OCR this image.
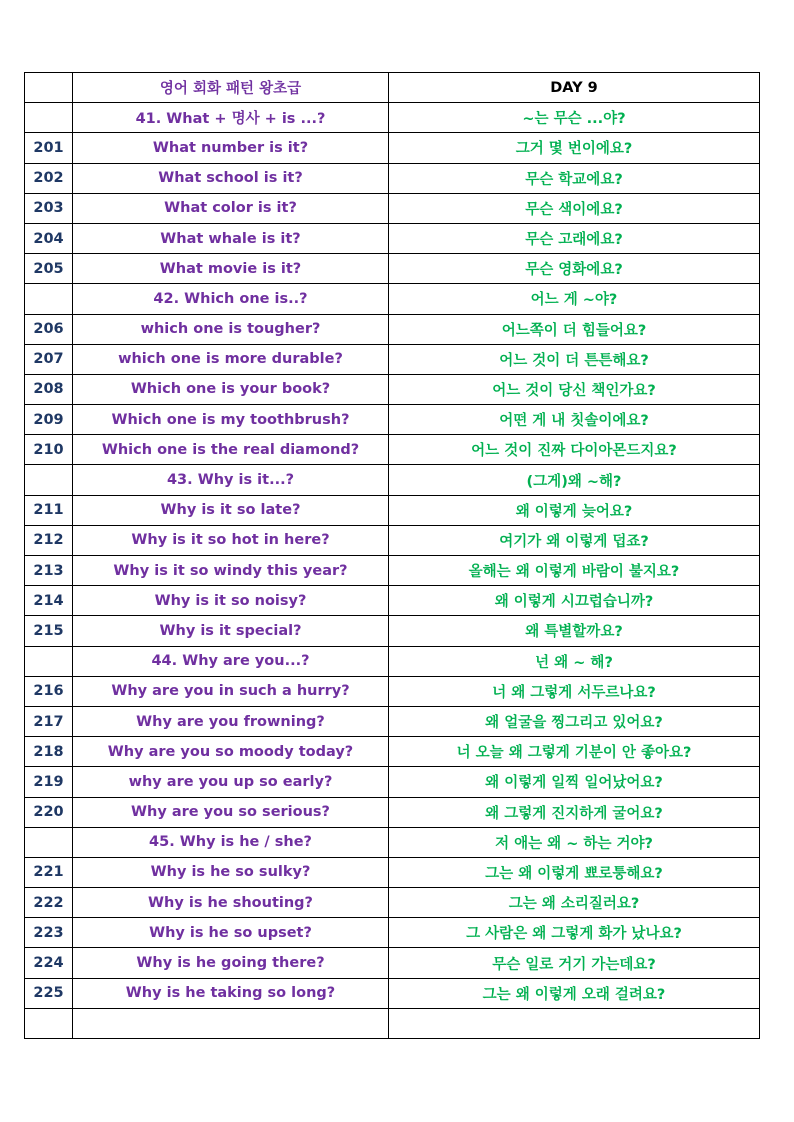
	영어 회화 패턴 왕초급	DAY 9
	41. What + 명사 + is ...?	~는 무슨 ...야?
201	What number is it?	그거 몇 번이에요?
202	What school is it?	무슨 학교에요?
203	What color is it?	무슨 색이에요?
204	What whale is it?	무슨 고래에요?
205	What movie is it?	무슨 영화에요?
	42. Which one is..?	어느 게 ~야?
206	which one is tougher?	어느쪽이 더 힘들어요?
207	which one is more durable?	어느 것이 더 튼튼해요?
208	Which one is your book?	어느 것이 당신 책인가요?
209	Which one is my toothbrush?	어떤 게 내 칫솔이에요?
210	Which one is the real diamond?	어느 것이 진짜 다이아몬드지요?
	43. Why is it...?	(그게)왜 ~해?
211	Why is it so late?	왜 이렇게 늦어요?
212	Why is it so hot in here?	여기가 왜 이렇게 덥죠?
213	Why is it so windy this year?	올해는 왜 이렇게 바람이 불지요?
214	Why is it so noisy?	왜 이렇게 시끄럽습니까?
215	Why is it special?	왜 특별할까요?
	44. Why are you...?	넌 왜 ~ 해?
216	Why are you in such a hurry?	너 왜 그렇게 서두르나요?
217	Why are you frowning?	왜 얼굴을 찡그리고 있어요?
218	Why are you so moody today?	너 오늘 왜 그렇게 기분이 안 좋아요?
219	why are you up so early?	왜 이렇게 일찍 일어났어요?
220	Why are you so serious?	왜 그렇게 진지하게 굴어요?
	45. Why is he / she?	저 애는 왜 ~ 하는 거야?
221	Why is he so sulky?	그는 왜 이렇게 뾰로퉁해요?
222	Why is he shouting?	그는 왜 소리질러요?
223	Why is he so upset?	그 사람은 왜 그렇게 화가 났나요?
224	Why is he going there?	무슨 일로 거기 가는데요?
225	Why is he taking so long?	그는 왜 이렇게 오래 걸려요?
